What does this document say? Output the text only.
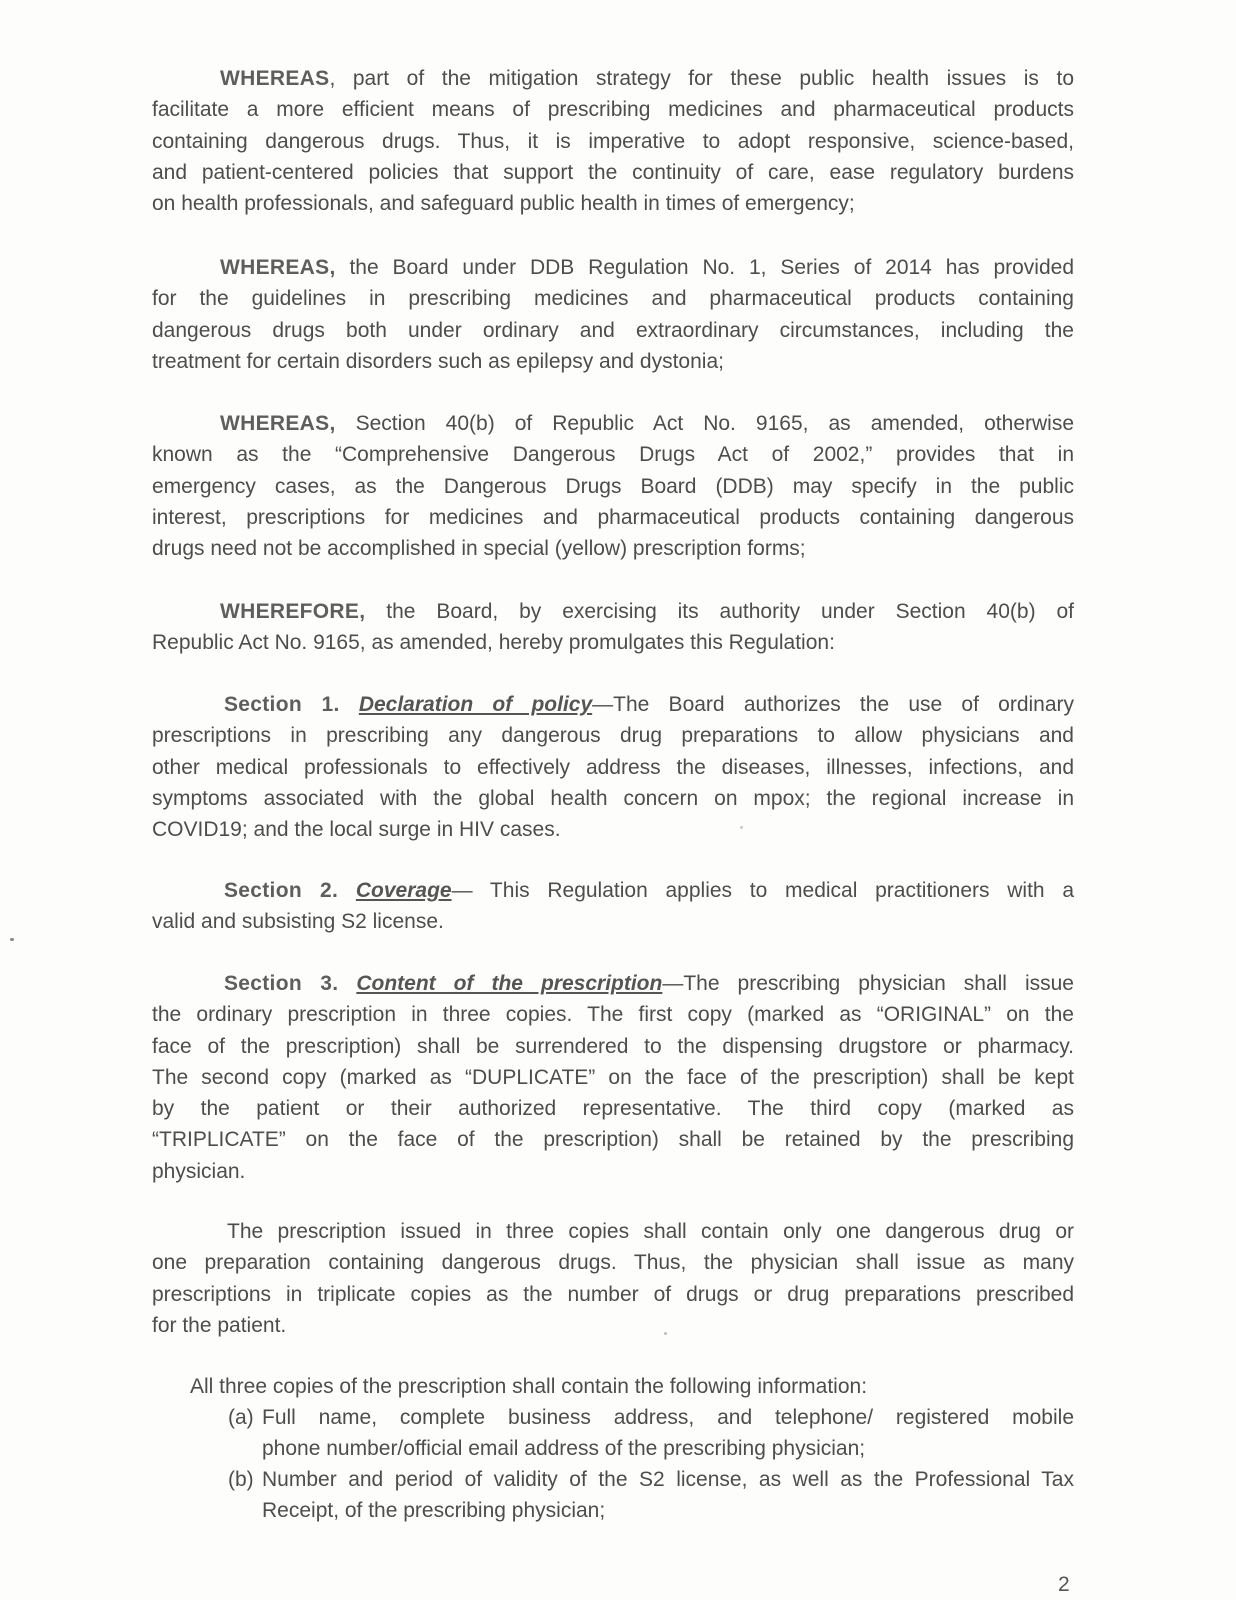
WHEREAS, part of the mitigation strategy for these public health issues is to
facilitate a more efficient means of prescribing medicines and pharmaceutical products
containing dangerous drugs. Thus, it is imperative to adopt responsive, science-based,
and patient-centered policies that support the continuity of care, ease regulatory burdens
on health professionals, and safeguard public health in times of emergency;
WHEREAS, the Board under DDB Regulation No. 1, Series of 2014 has provided
for the guidelines in prescribing medicines and pharmaceutical products containing
dangerous drugs both under ordinary and extraordinary circumstances, including the
treatment for certain disorders such as epilepsy and dystonia;
WHEREAS, Section 40(b) of Republic Act No. 9165, as amended, otherwise
known as the “Comprehensive Dangerous Drugs Act of 2002,” provides that in
emergency cases, as the Dangerous Drugs Board (DDB) may specify in the public
interest, prescriptions for medicines and pharmaceutical products containing dangerous
drugs need not be accomplished in special (yellow) prescription forms;
WHEREFORE, the Board, by exercising its authority under Section 40(b) of
Republic Act No. 9165, as amended, hereby promulgates this Regulation:
Section 1. Declaration of policy—The Board authorizes the use of ordinary
prescriptions in prescribing any dangerous drug preparations to allow physicians and
other medical professionals to effectively address the diseases, illnesses, infections, and
symptoms associated with the global health concern on mpox; the regional increase in
COVID19; and the local surge in HIV cases.
Section 2. Coverage— This Regulation applies to medical practitioners with a
valid and subsisting S2 license.
Section 3. Content of the prescription—The prescribing physician shall issue
the ordinary prescription in three copies. The first copy (marked as “ORIGINAL” on the
face of the prescription) shall be surrendered to the dispensing drugstore or pharmacy.
The second copy (marked as “DUPLICATE” on the face of the prescription) shall be kept
by the patient or their authorized representative. The third copy (marked as
“TRIPLICATE” on the face of the prescription) shall be retained by the prescribing
physician.
The prescription issued in three copies shall contain only one dangerous drug or
one preparation containing dangerous drugs. Thus, the physician shall issue as many
prescriptions in triplicate copies as the number of drugs or drug preparations prescribed
for the patient.
All three copies of the prescription shall contain the following information:
(a) Full name, complete business address, and telephone/ registered mobile
phone number/official email address of the prescribing physician;
(b) Number and period of validity of the S2 license, as well as the Professional Tax
Receipt, of the prescribing physician;
2
